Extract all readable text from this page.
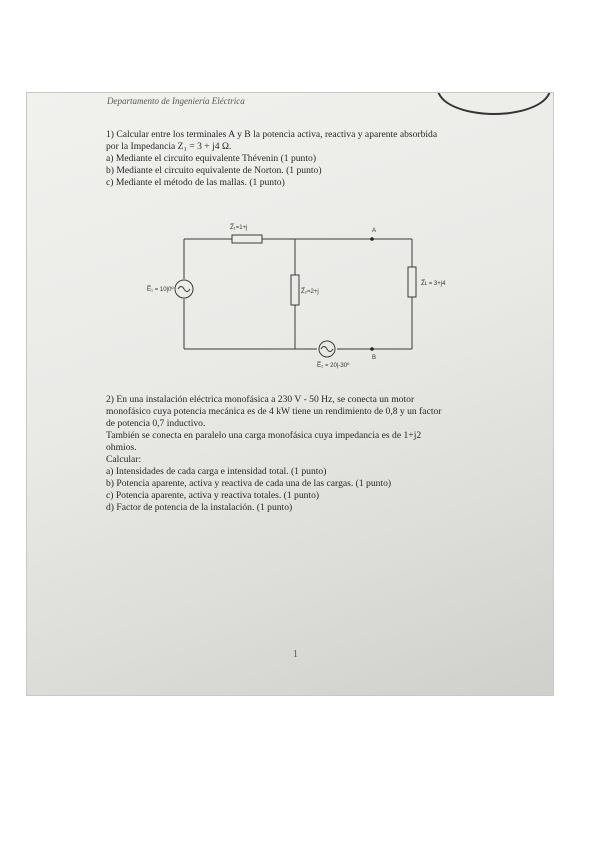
Departamento de Ingeniería Eléctrica
1) Calcular entre los terminales A y B la potencia activa, reactiva y aparente absorbida
por la Impedancia Z₁ = 3 + j4 Ω.
a) Mediante el circuito equivalente Thévenin (1 punto)
b) Mediante el circuito equivalente de Norton. (1 punto)
c) Mediante el método de las mallas. (1 punto)
Z̅₁=1+j
E̅₁ = 10|0º	Z̅₂=2+j
Z̅ʟ = 3+j4
E̅₂ = 20|-30º
A
B
2) En una instalación eléctrica monofásica a 230 V - 50 Hz, se conecta un motor
monofásico cuya potencia mecánica es de 4 kW tiene un rendimiento de 0,8 y un factor
de potencia 0,7 inductivo.
También se conecta en paralelo una carga monofásica cuya impedancia es de 1+j2
ohmios.
Calcular:
a) Intensidades de cada carga e intensidad total. (1 punto)
b) Potencia aparente, activa y reactiva de cada una de las cargas. (1 punto)
c) Potencia aparente, activa y reactiva totales. (1 punto)
d) Factor de potencia de la instalación. (1 punto)
1
